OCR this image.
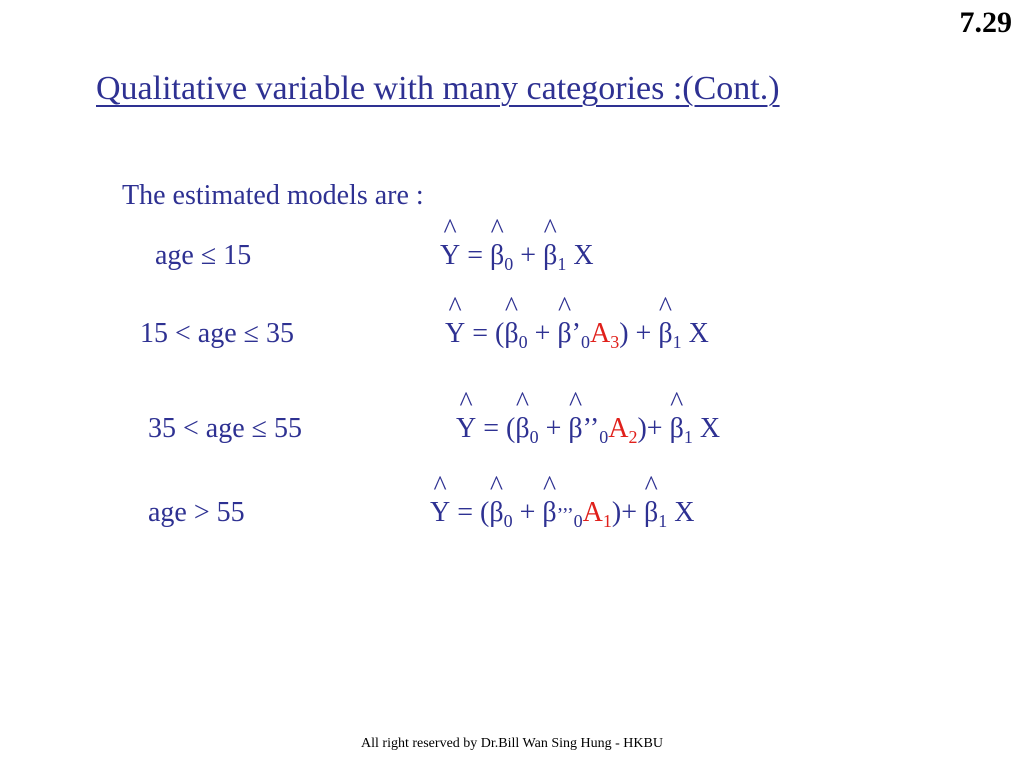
7.29
Qualitative variable with many categories :(Cont.)
The estimated models are :
age ≤ 15	^ Y = ^ $\beta_0$ + ^ $\beta_1$ X
15 < age ≤ 35	^ Y = (^ $\beta_0$ + ^ $\beta’_0A_3$) + ^ $\beta_1$ X
35 < age ≤ 55	^ Y = (^ $\beta_0$ + ^ $\beta’’_0A_2)+$ ^ $\beta_1$ X
age > 55	^ Y = (^ $\beta_0$ + ^ $\beta’’’_0A_1)+$ ^ $\beta_1$ X
All right reserved by Dr.Bill Wan Sing Hung - HKBU
